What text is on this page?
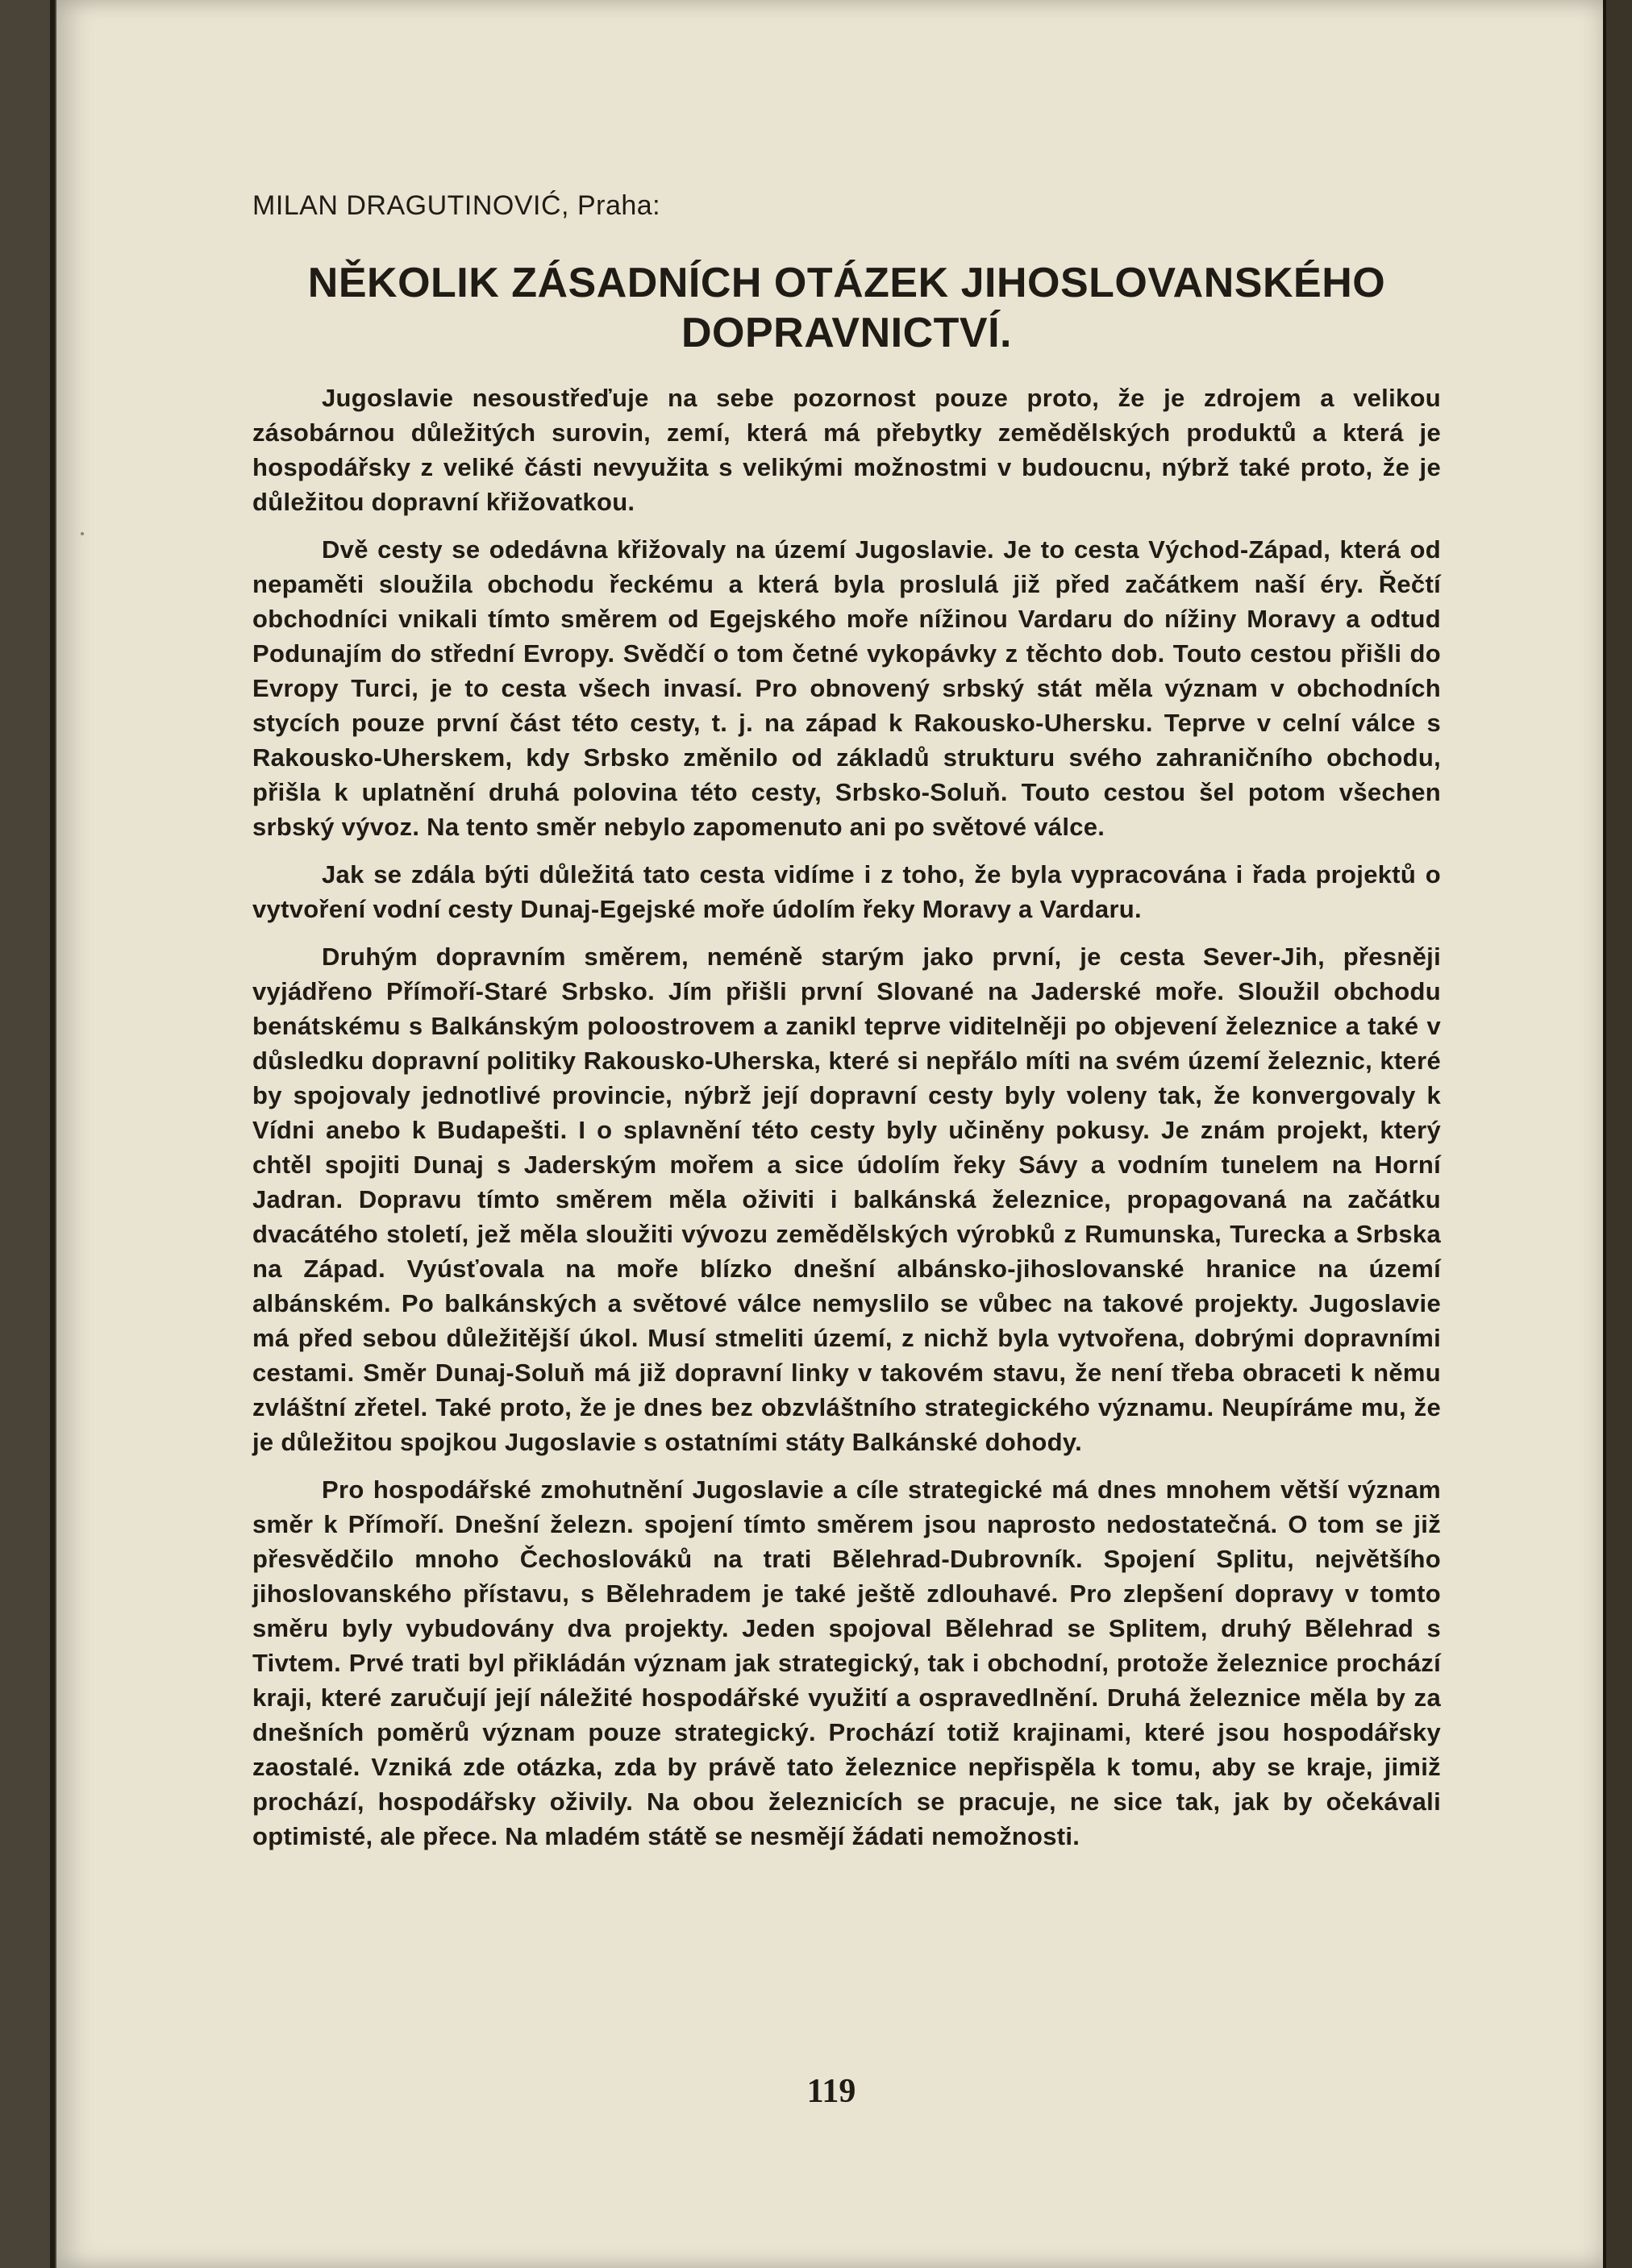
MILAN DRAGUTINOVIĆ, Praha:
NĚKOLIK ZÁSADNÍCH OTÁZEK JIHOSLOVANSKÉHO
DOPRAVNICTVÍ.

Jugoslavie nesoustřeďuje na sebe pozornost pouze proto, že je zdrojem a velikou zásobárnou důležitých surovin, zemí, která má přebytky zemědělských produktů a která je hospodářsky z veliké části nevyužita s velikými možnostmi v budoucnu, nýbrž také proto, že je důležitou dopravní křižovatkou.

Dvě cesty se odedávna křižovaly na území Jugoslavie. Je to cesta Východ-Západ, která od nepaměti sloužila obchodu řeckému a která byla proslulá již před začátkem naší éry. Řečtí obchodníci vnikali tímto směrem od Egejského moře nížinou Vardaru do nížiny Moravy a odtud Podunajím do střední Evropy. Svědčí o tom četné vykopávky z těchto dob. Touto cestou přišli do Evropy Turci, je to cesta všech invasí. Pro obnovený srbský stát měla význam v obchodních stycích pouze první část této cesty, t. j. na západ k Rakousko-Uhersku. Teprve v celní válce s Rakousko-Uherskem, kdy Srbsko změnilo od základů strukturu svého zahraničního obchodu, přišla k uplatnění druhá polovina této cesty, Srbsko-Soluň. Touto cestou šel potom všechen srbský vývoz. Na tento směr nebylo zapomenuto ani po světové válce.

Jak se zdála býti důležitá tato cesta vidíme i z toho, že byla vypracována i řada projektů o vytvoření vodní cesty Dunaj-Egejské moře údolím řeky Moravy a Vardaru.

Druhým dopravním směrem, neméně starým jako první, je cesta Sever-Jih, přesněji vyjádřeno Přímoří-Staré Srbsko. Jím přišli první Slované na Jaderské moře. Sloužil obchodu benátskému s Balkánským poloostrovem a zanikl teprve viditelněji po objevení železnice a také v důsledku dopravní politiky Rakousko-Uherska, které si nepřálo míti na svém území železnic, které by spojovaly jednotlivé provincie, nýbrž její dopravní cesty byly voleny tak, že konvergovaly k Vídni anebo k Budapešti. I o splavnění této cesty byly učiněny pokusy. Je znám projekt, který chtěl spojiti Dunaj s Jaderským mořem a sice údolím řeky Sávy a vodním tunelem na Horní Jadran. Dopravu tímto směrem měla oživiti i balkánská železnice, propagovaná na začátku dvacátého století, jež měla sloužiti vývozu zemědělských výrobků z Rumunska, Turecka a Srbska na Západ. Vyúsťovala na moře blízko dnešní albánsko-jihoslovanské hranice na území albánském. Po balkánských a světové válce nemyslilo se vůbec na takové projekty. Jugoslavie má před sebou důležitější úkol. Musí stmeliti území, z nichž byla vytvořena, dobrými dopravními cestami. Směr Dunaj-Soluň má již dopravní linky v takovém stavu, že není třeba obraceti k němu zvláštní zřetel. Také proto, že je dnes bez obzvláštního strategického významu. Neupíráme mu, že je důležitou spojkou Jugoslavie s ostatními státy Balkánské dohody.

Pro hospodářské zmohutnění Jugoslavie a cíle strategické má dnes mnohem větší význam směr k Přímoří. Dnešní železn. spojení tímto směrem jsou naprosto nedostatečná. O tom se již přesvědčilo mnoho Čechoslováků na trati Bělehrad-Dubrovník. Spojení Splitu, největšího jihoslovanského přístavu, s Bělehradem je také ještě zdlouhavé. Pro zlepšení dopravy v tomto směru byly vybudovány dva projekty. Jeden spojoval Bělehrad se Splitem, druhý Bělehrad s Tivtem. Prvé trati byl přikládán význam jak strategický, tak i obchodní, protože železnice prochází kraji, které zaručují její náležité hospodářské využití a ospravedlnění. Druhá železnice měla by za dnešních poměrů význam pouze strategický. Prochází totiž krajinami, které jsou hospodářsky zaostalé. Vzniká zde otázka, zda by právě tato železnice nepřispěla k tomu, aby se kraje, jimiž prochází, hospodářsky oživily. Na obou železnicích se pracuje, ne sice tak, jak by očekávali optimisté, ale přece. Na mladém státě se nesmějí žádati nemožnosti.

119
